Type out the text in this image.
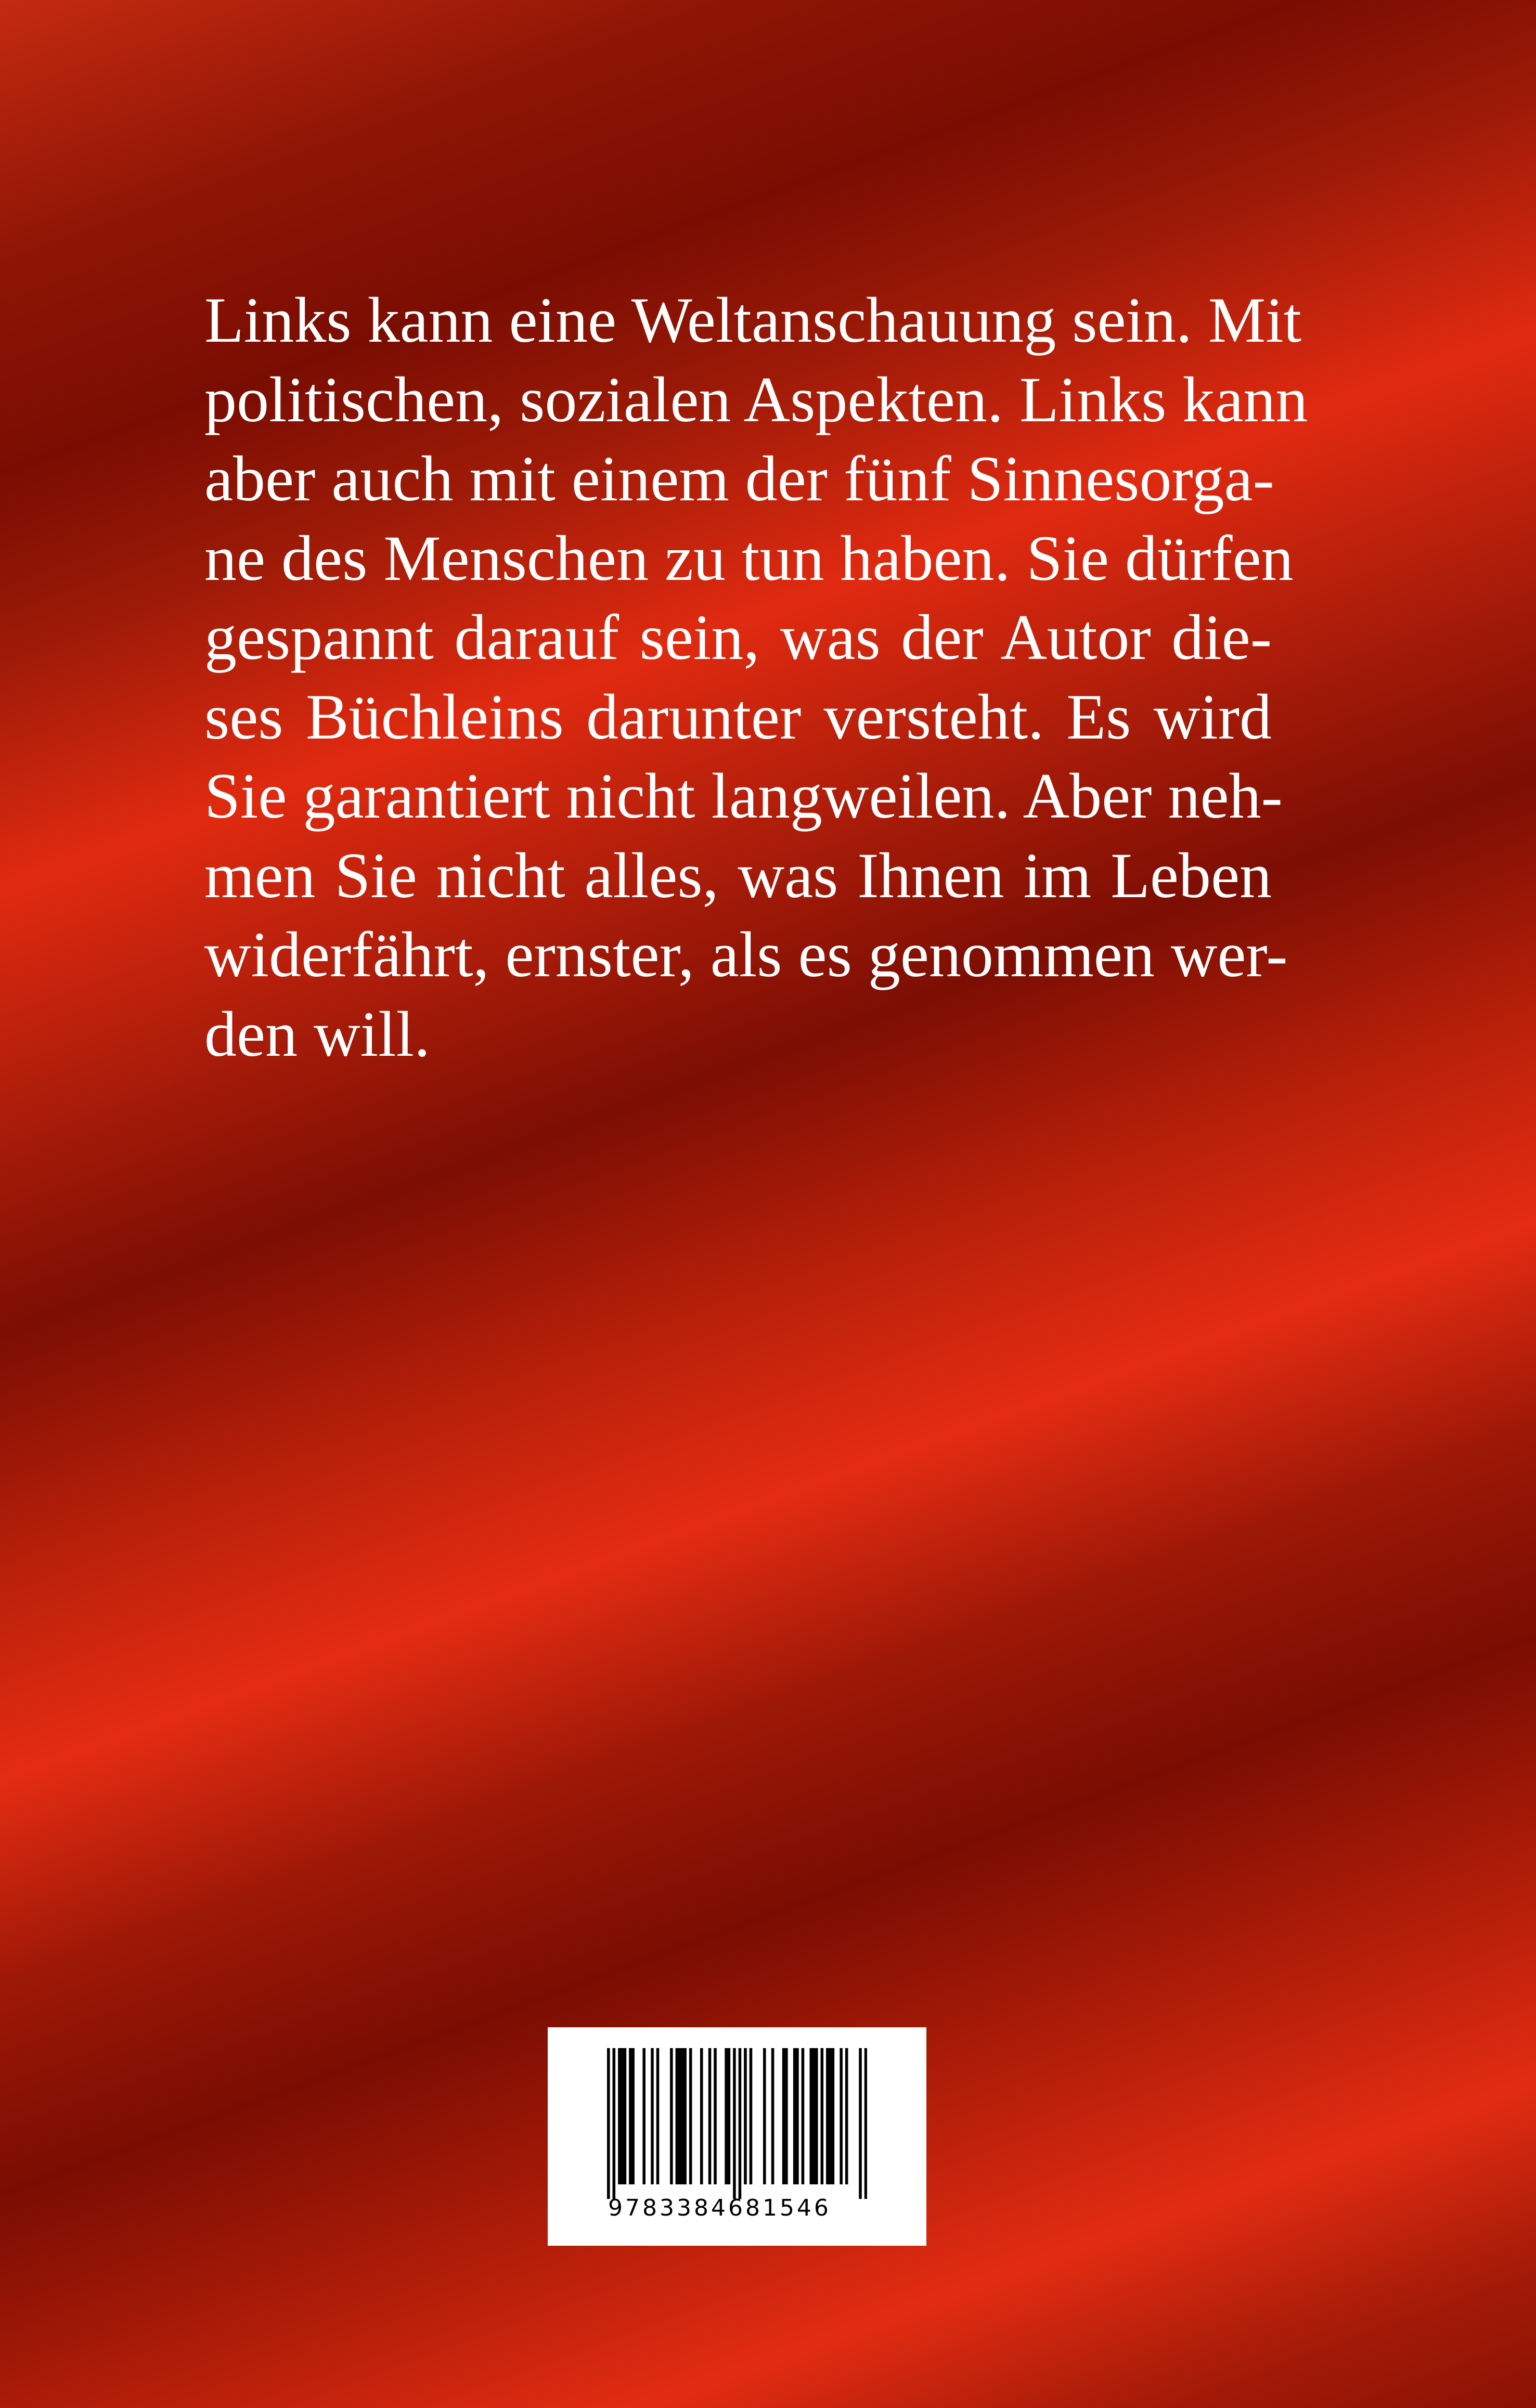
Links kann eine Weltanschauung sein. Mit
politischen, sozialen Aspekten. Links kann
aber auch mit einem der fünf Sinnesorga-
ne des Menschen zu tun haben. Sie dürfen
gespannt darauf sein, was der Autor die-
ses Büchleins darunter versteht. Es wird
Sie garantiert nicht langweilen. Aber neh-
men Sie nicht alles, was Ihnen im Leben
widerfährt, ernster, als es genommen wer-
den will.
9783384681546
